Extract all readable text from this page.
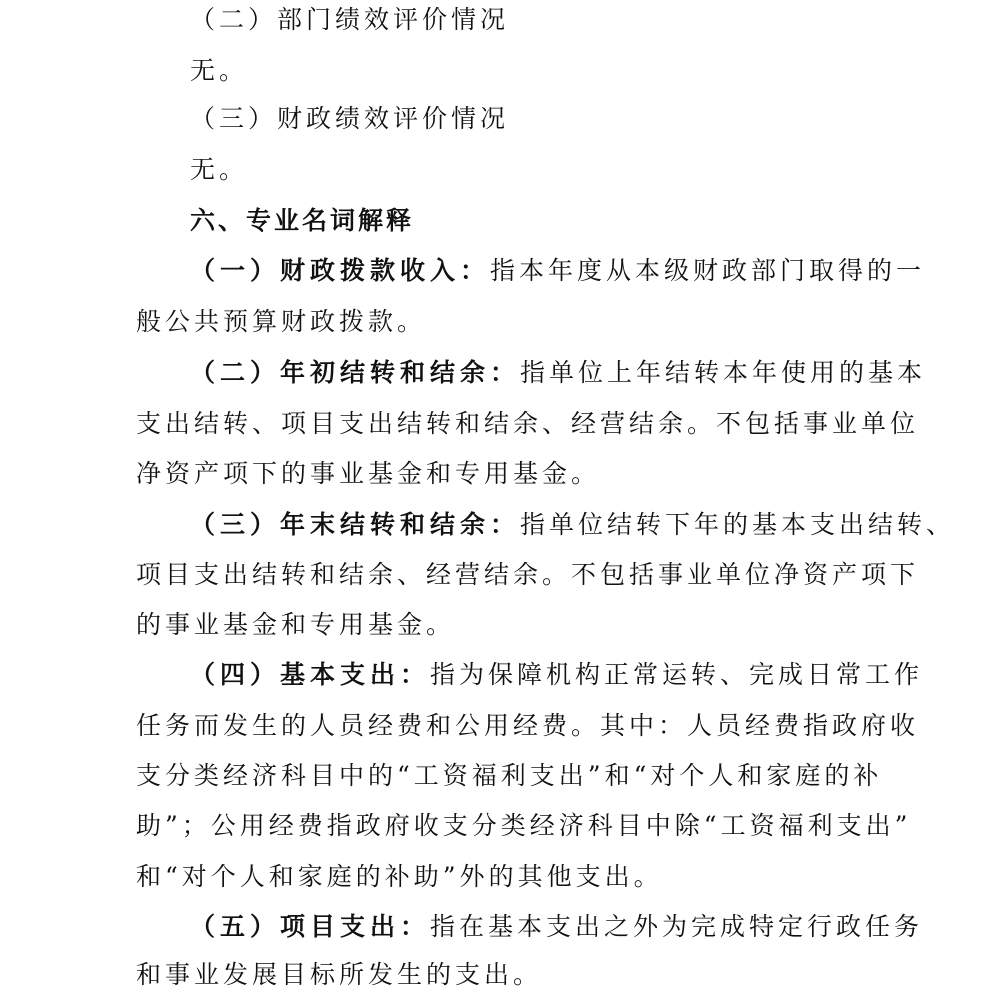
（二）部门绩效评价情况
无。
（三）财政绩效评价情况
无。
六、专业名词解释
（一）财政拨款收入：指本年度从本级财政部门取得的一
般公共预算财政拨款。
（二）年初结转和结余：指单位上年结转本年使用的基本
支出结转、项目支出结转和结余、经营结余。不包括事业单位
净资产项下的事业基金和专用基金。
（三）年末结转和结余：指单位结转下年的基本支出结转、
项目支出结转和结余、经营结余。不包括事业单位净资产项下
的事业基金和专用基金。
（四）基本支出：指为保障机构正常运转、完成日常工作
任务而发生的人员经费和公用经费。其中：人员经费指政府收
支分类经济科目中的“工资福利支出”和“对个人和家庭的补
助”；公用经费指政府收支分类经济科目中除“工资福利支出”
和“对个人和家庭的补助”外的其他支出。
（五）项目支出：指在基本支出之外为完成特定行政任务
和事业发展目标所发生的支出。
